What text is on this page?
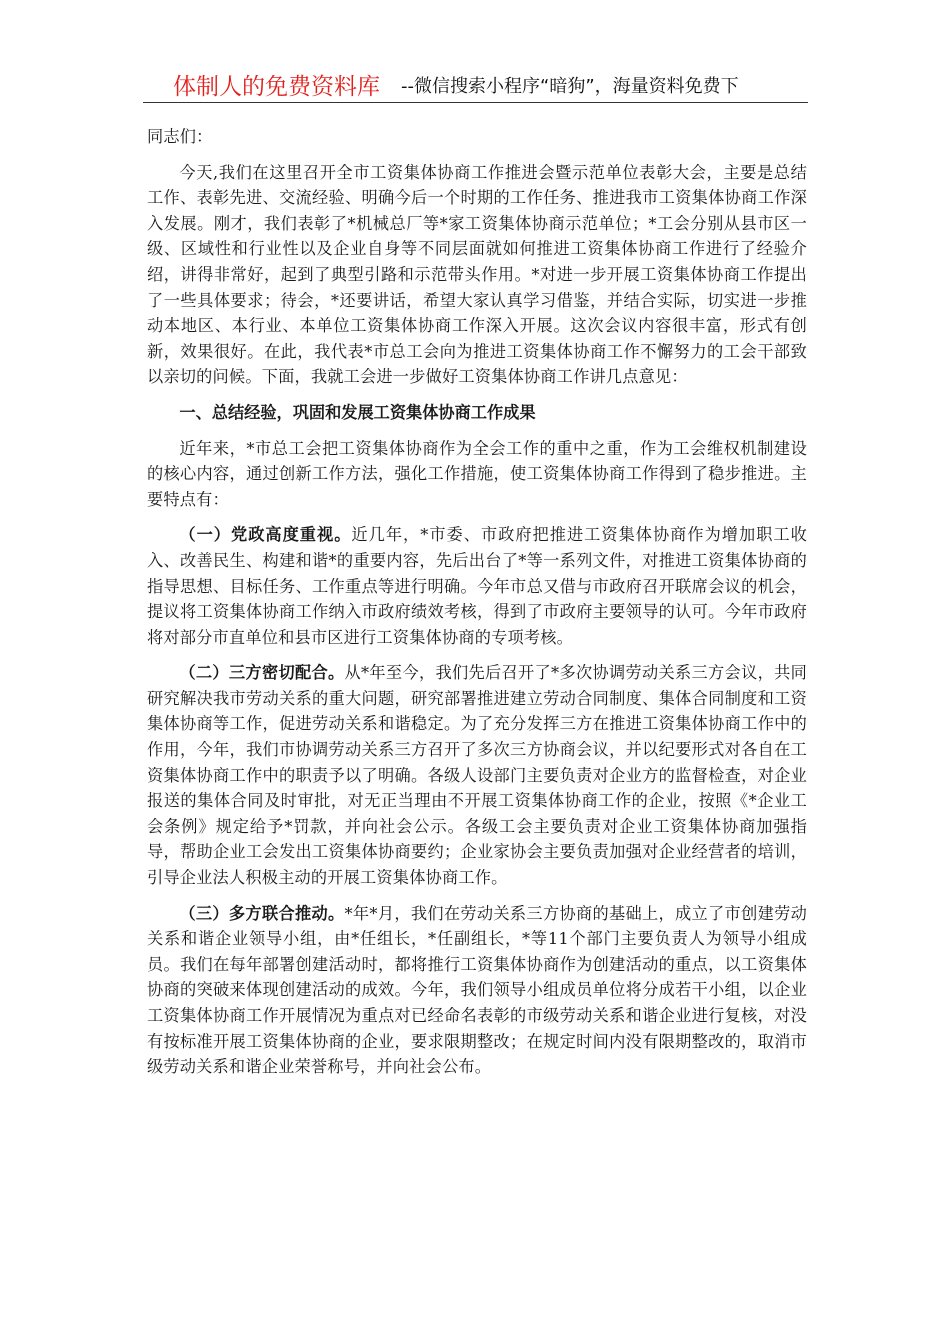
体制人的免费资料库 --微信搜索小程序“暗狗”，海量资料免费下

同志们：

今天,我们在这里召开全市工资集体协商工作推进会暨示范单位表彰大会，主要是总结工作、表彰先进、交流经验、明确今后一个时期的工作任务、推进我市工资集体协商工作深入发展。刚才，我们表彰了*机械总厂等*家工资集体协商示范单位；*工会分别从县市区一级、区域性和行业性以及企业自身等不同层面就如何推进工资集体协商工作进行了经验介绍，讲得非常好，起到了典型引路和示范带头作用。*对进一步开展工资集体协商工作提出了一些具体要求；待会，*还要讲话，希望大家认真学习借鉴，并结合实际，切实进一步推动本地区、本行业、本单位工资集体协商工作深入开展。这次会议内容很丰富，形式有创新，效果很好。在此，我代表*市总工会向为推进工资集体协商工作不懈努力的工会干部致以亲切的问候。下面，我就工会进一步做好工资集体协商工作讲几点意见：

一、总结经验，巩固和发展工资集体协商工作成果

近年来，*市总工会把工资集体协商作为全会工作的重中之重，作为工会维权机制建设的核心内容，通过创新工作方法，强化工作措施，使工资集体协商工作得到了稳步推进。主要特点有：

（一）党政高度重视。近几年，*市委、市政府把推进工资集体协商作为增加职工收入、改善民生、构建和谐*的重要内容，先后出台了*等一系列文件，对推进工资集体协商的指导思想、目标任务、工作重点等进行明确。今年市总又借与市政府召开联席会议的机会，提议将工资集体协商工作纳入市政府绩效考核，得到了市政府主要领导的认可。今年市政府将对部分市直单位和县市区进行工资集体协商的专项考核。

（二）三方密切配合。从*年至今，我们先后召开了*多次协调劳动关系三方会议，共同研究解决我市劳动关系的重大问题，研究部署推进建立劳动合同制度、集体合同制度和工资集体协商等工作，促进劳动关系和谐稳定。为了充分发挥三方在推进工资集体协商工作中的作用，今年，我们市协调劳动关系三方召开了多次三方协商会议，并以纪要形式对各自在工资集体协商工作中的职责予以了明确。各级人设部门主要负责对企业方的监督检查，对企业报送的集体合同及时审批，对无正当理由不开展工资集体协商工作的企业，按照《*企业工会条例》规定给予*罚款，并向社会公示。各级工会主要负责对企业工资集体协商加强指导，帮助企业工会发出工资集体协商要约；企业家协会主要负责加强对企业经营者的培训，引导企业法人积极主动的开展工资集体协商工作。

（三）多方联合推动。*年*月，我们在劳动关系三方协商的基础上，成立了市创建劳动关系和谐企业领导小组，由*任组长，*任副组长，*等11个部门主要负责人为领导小组成员。我们在每年部署创建活动时，都将推行工资集体协商作为创建活动的重点，以工资集体协商的突破来体现创建活动的成效。今年，我们领导小组成员单位将分成若干小组，以企业工资集体协商工作开展情况为重点对已经命名表彰的市级劳动关系和谐企业进行复核，对没有按标准开展工资集体协商的企业，要求限期整改；在规定时间内没有限期整改的，取消市级劳动关系和谐企业荣誉称号，并向社会公布。
